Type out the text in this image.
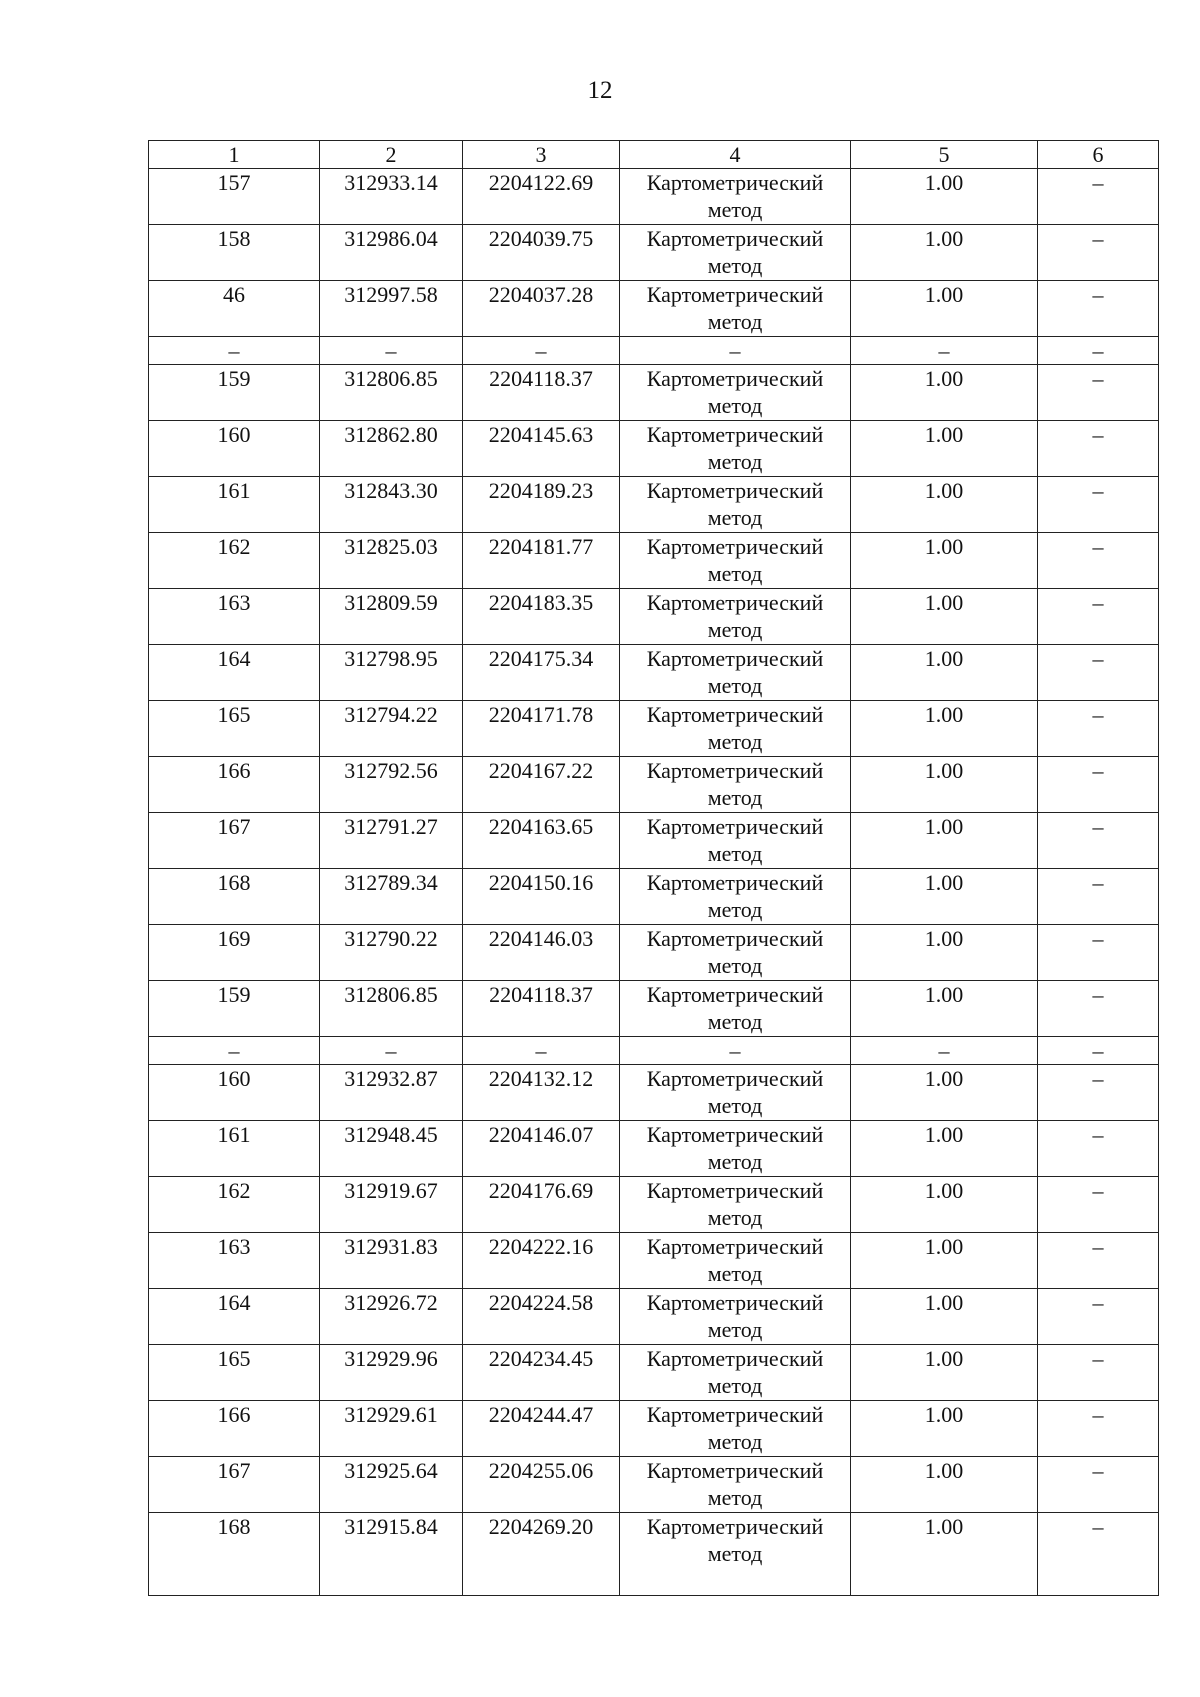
12
1	2	3	4	5	6
157	312933.14	2204122.69	Картометрический метод	1.00	–
158	312986.04	2204039.75	Картометрический метод	1.00	–
46	312997.58	2204037.28	Картометрический метод	1.00	–
–	–	–	–	–	–
159	312806.85	2204118.37	Картометрический метод	1.00	–
160	312862.80	2204145.63	Картометрический метод	1.00	–
161	312843.30	2204189.23	Картометрический метод	1.00	–
162	312825.03	2204181.77	Картометрический метод	1.00	–
163	312809.59	2204183.35	Картометрический метод	1.00	–
164	312798.95	2204175.34	Картометрический метод	1.00	–
165	312794.22	2204171.78	Картометрический метод	1.00	–
166	312792.56	2204167.22	Картометрический метод	1.00	–
167	312791.27	2204163.65	Картометрический метод	1.00	–
168	312789.34	2204150.16	Картометрический метод	1.00	–
169	312790.22	2204146.03	Картометрический метод	1.00	–
159	312806.85	2204118.37	Картометрический метод	1.00	–
–	–	–	–	–	–
160	312932.87	2204132.12	Картометрический метод	1.00	–
161	312948.45	2204146.07	Картометрический метод	1.00	–
162	312919.67	2204176.69	Картометрический метод	1.00	–
163	312931.83	2204222.16	Картометрический метод	1.00	–
164	312926.72	2204224.58	Картометрический метод	1.00	–
165	312929.96	2204234.45	Картометрический метод	1.00	–
166	312929.61	2204244.47	Картометрический метод	1.00	–
167	312925.64	2204255.06	Картометрический метод	1.00	–
168	312915.84	2204269.20	Картометрический метод	1.00	–
